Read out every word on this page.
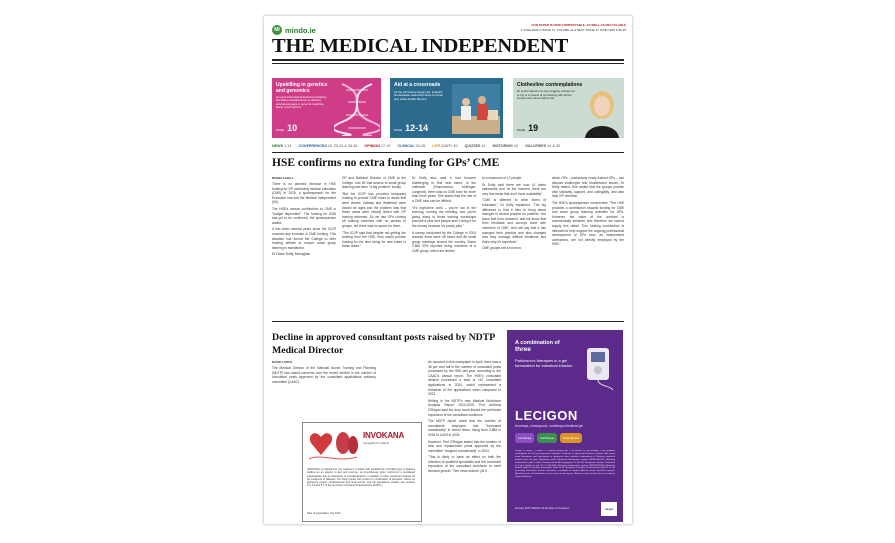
MI mindo.ie
OUR PAPER IS NOW COMPOSTABLE, AS WELL AS RECYCLABLE
3 JUNE 2025 ● ISSUE 11, VOLUME 14 ● NEXT ISSUE 17 JUNE 2025 ● €5.95
THE MEDICAL INDEPENDENT
Upskilling in genetics and genomics
A recent international lecturing hosted by the Mater Hospital aimed to address educational gaps in genomic medicine. David Lynch reports
PAGE 10
Aid at a crossroads
As the US finance foreign aid, Ireland's humanitarian leadership faces a crucial test, writes Dublin Bennett
PAGE 12-14
Clothesline contemplations
Dr Lucia Gannon on why pegging clothes out to dry is a means of connecting with all the women who came before her
PAGE 19
NEWS 1-14 CONFERENCES 15, 20-24 & 36-38 OPINION 17-19 CLINICAL 20-26 LIFE DIARY 40 QUIZZES 41 MOTORING 42 GALLERIES 44 & 45
HSE confirms no extra funding for GPs’ CME
NIAMH CAHILL

There is no planned increase in HSE funding for GP continuing medical education (CME) in 2025, a spokesperson for the Executive has told the Medical Independent (MI).

The HSE's annual contribution to CME is "budget dependent". The funding for 2025 has yet to be confirmed, the spokesperson added.

It has been several years since the ICGP received any increase in CME funding. This situation has forced the College to offer funding deficits to ensure small group learning is maintained.

Dr Diane Duffy, Monaghan

GP and National Director of CME at the College, told MI that access to small group learning had been "a big problem" locally.

"But the ICGP has provided temporary funding to provide CME tutors in areas that were closed, Galway and Waterford were closed for ages and the problem was that these areas were closely linked with GP training schemes. So we had GPs coming off training schemes with no access to groups, but there was no space for them.

"The ICGP said that despite not getting the funding from the HSE, they would provide funding for the time being for new tutors in these areas."

Dr Duffy also said it had become challenging to find new tutors. In the midlands (Roscommon, Mullingar, Longford), there was no CME tutor for more than three years. She stated that the role of a CME tutor can be difficult.

"It's night-time work – you're out in the evening, running the meeting, and you're going along to those training workshops yourself a year and people aren't doing it for the money because it's poorly paid."

A survey conducted by the College in 2024 showed there were 48 tutors and 86 small group meetings around the country. Some 2,860 GPs reported being members of a CME group, which are limited

to a maximum of 12 people.

Dr Duffy said there are now 41 tutors nationwide and "at the moment, there are very few areas that don't have availability".

"CME is different to other forms of education," Dr Duffy explained. "The big difference is that it tries to bring about changes in clinical practice for patients. You know that from research, and we know that from feedback and surveys done with members of CME, who will say that it has changed their practice and also changed how they manage difficult situations and that's why it's important."

CME groups are a forum to

which GPs – particularly newly trained GPs – can discuss challenges and troublesome issues, Dr Duffy stated. She added that the groups provide vital solidarity, support, and collegiality, and also help GP retention.

The HSE's spokesperson commented: "The HSE provides a contribution towards funding for CME and small group learning activities for GPs. However, the value of the contract is commercially sensitive and therefore we cannot supply this detail. This funding contribution is intended to help support the ongoing professional development of GPs who, as independent contractors, are not directly employed by the HSE."

Decline in approved consultant posts raised by NDTP Medical Director
DAVID LYNCH

The Medical Director of the National Doctor Training and Planning (NDTP) has raised concerns over the recent decline in the number of consultant posts approved by the consultant applications advisory committee (CAAC).

As reported in this newspaper in April, there was a 36 per cent fall in the number of consultant posts processed by the HSE last year, according to the CAAC's annual report. The HSE's consultant division processed a total of 167 consultant applications in 2024, which represented a reduction of the applications when compared to 2023.

Writing in the NDTP's new Medical Workforce Analysis Report 2024-2025, Prof Anthony O'Regan said the drop could impact the continued expansion of the consultant workforce.

The NDTP report noted that the number of consultants employed has "increased dramatically" in recent times, rising from 3,889 in 2018 to 4,620 in 2024.

However, Prof O'Regan stated that the number of new and replacement posts approved by the committee "dropped considerably" in 2024.

"This is likely to have an effect on both the retention of qualified specialists and the continued expansion of the consultant workforce to meet demand growth." See news feature, p8-9

INVOKANA
canagliflozin tablets
INVOKANA is indicated for the treatment of adults with insufficiently controlled type 2 diabetes mellitus as an adjunct to diet and exercise: as monotherapy when metformin is considered inappropriate due to intolerance or contraindications, in addition to other medicinal products for the treatment of diabetes. For study results with respect to combination of therapies, effects on glycaemic control, cardiovascular and renal events, and the populations studied, see sections 4.4, 4.5 and 5.1 of the Summary of Product Characteristics (SmPC).
Date of preparation: July 2023
A combination of
three
Parkinson's therapies in a gel formulation for intestinal infusion
LECIGON
levodopa, entacapone, carbidopa intestinal gel
Levodopa	Carbidopa	Entacapone
Lecigon 20 mg/ml + 5 mg/ml + 20 mg/ml intestinal gel. 1 ml contains 20 mg levodopa, 5 mg carbidopa monohydrate and 20 mg entacapone. Indication: Treatment of advanced Parkinson's disease with severe motor fluctuations and hyperkinesia or dyskinesia when available combinations of Parkinson medicinal products have not given satisfactory results. Marketing authorisation number: PA2291/001/001. Marketing authorisation holder: LobSor Pharmaceuticals AB, Kungsgatan 67, SE-753 18 Uppsala, Sweden. Distributed by Target Healthcare Ltd. Tel: 01 4614166. Marketing authorisation number: PA2291/001/001. Medicinal product subject to medical prescription. Refer to the Summary of Product Characteristics (SmPC) for full prescribing information. Further information is available on request. Adverse events should be reported. Reporting forms and information can be found at www.hpra.ie. Adverse events should also be reported to Target Healthcare.
February 2025 | IRE/LEC-25-001 Date of Preparation	target
